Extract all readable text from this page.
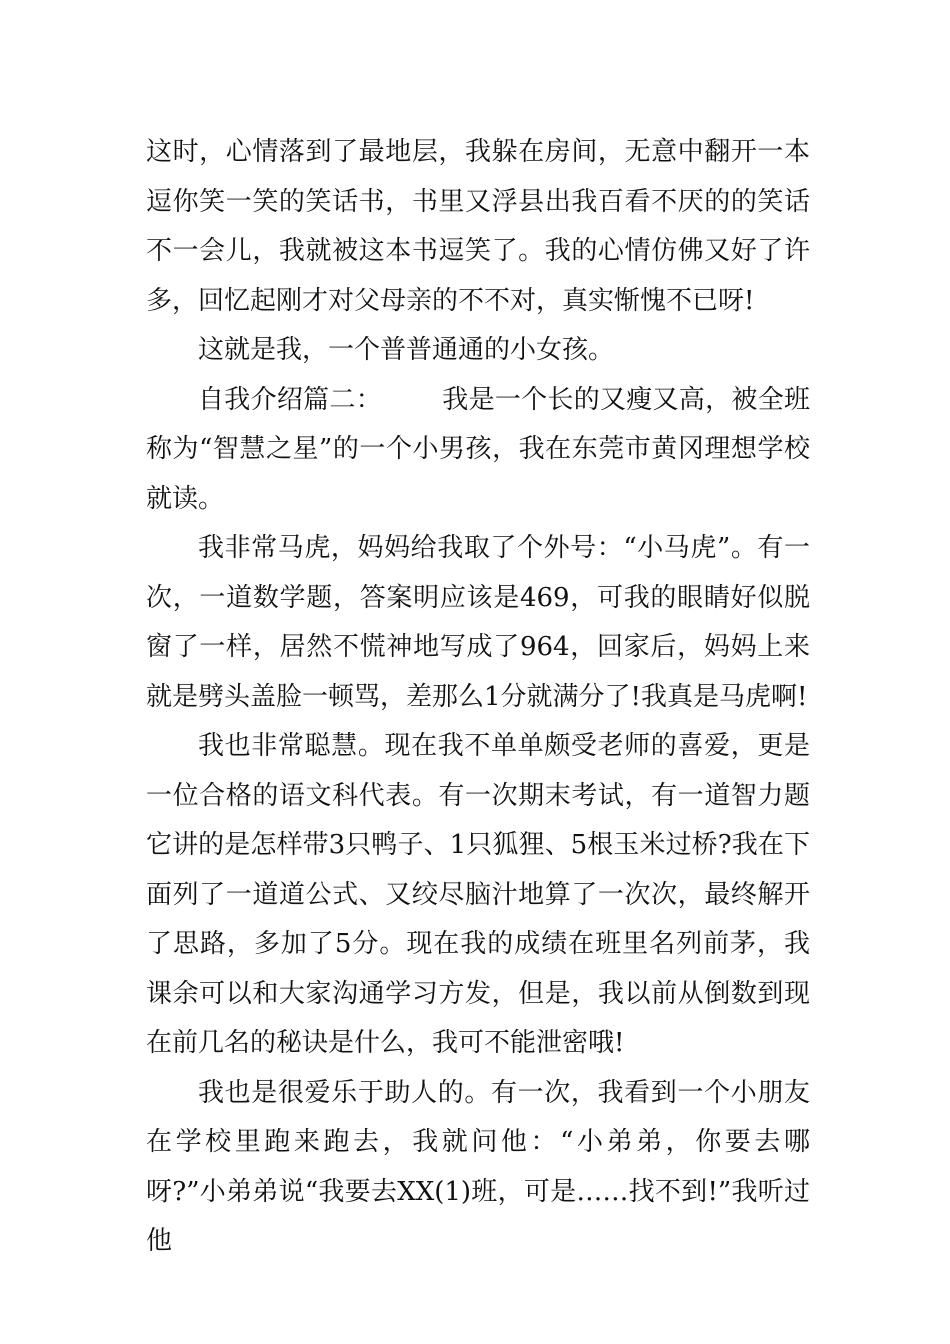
这时，心情落到了最地层，我躲在房间，无意中翻开一本逗你笑一笑的笑话书，书里又浮县出我百看不厌的的笑话不一会儿，我就被这本书逗笑了。我的心情仿佛又好了许多，回忆起刚才对父母亲的不不对，真实惭愧不已呀!

这就是我，一个普普通通的小女孩。

自我介绍篇二： 我是一个长的又瘦又高，被全班称为“智慧之星”的一个小男孩，我在东莞市黄冈理想学校就读。

我非常马虎，妈妈给我取了个外号：“小马虎”。有一次，一道数学题，答案明应该是469，可我的眼睛好似脱窗了一样，居然不慌神地写成了964，回家后，妈妈上来就是劈头盖脸一顿骂，差那么1分就满分了!我真是马虎啊!

我也非常聪慧。现在我不单单颇受老师的喜爱，更是一位合格的语文科代表。有一次期末考试，有一道智力题它讲的是怎样带3只鸭子、1只狐狸、5根玉米过桥?我在下面列了一道道公式、又绞尽脑汁地算了一次次，最终解开了思路，多加了5分。现在我的成绩在班里名列前茅，我课余可以和大家沟通学习方发，但是，我以前从倒数到现在前几名的秘诀是什么，我可不能泄密哦!

我也是很爱乐于助人的。有一次，我看到一个小朋友在学校里跑来跑去，我就问他：“小弟弟，你要去哪呀?”小弟弟说“我要去XX(1)班，可是……找不到!”我听过他
